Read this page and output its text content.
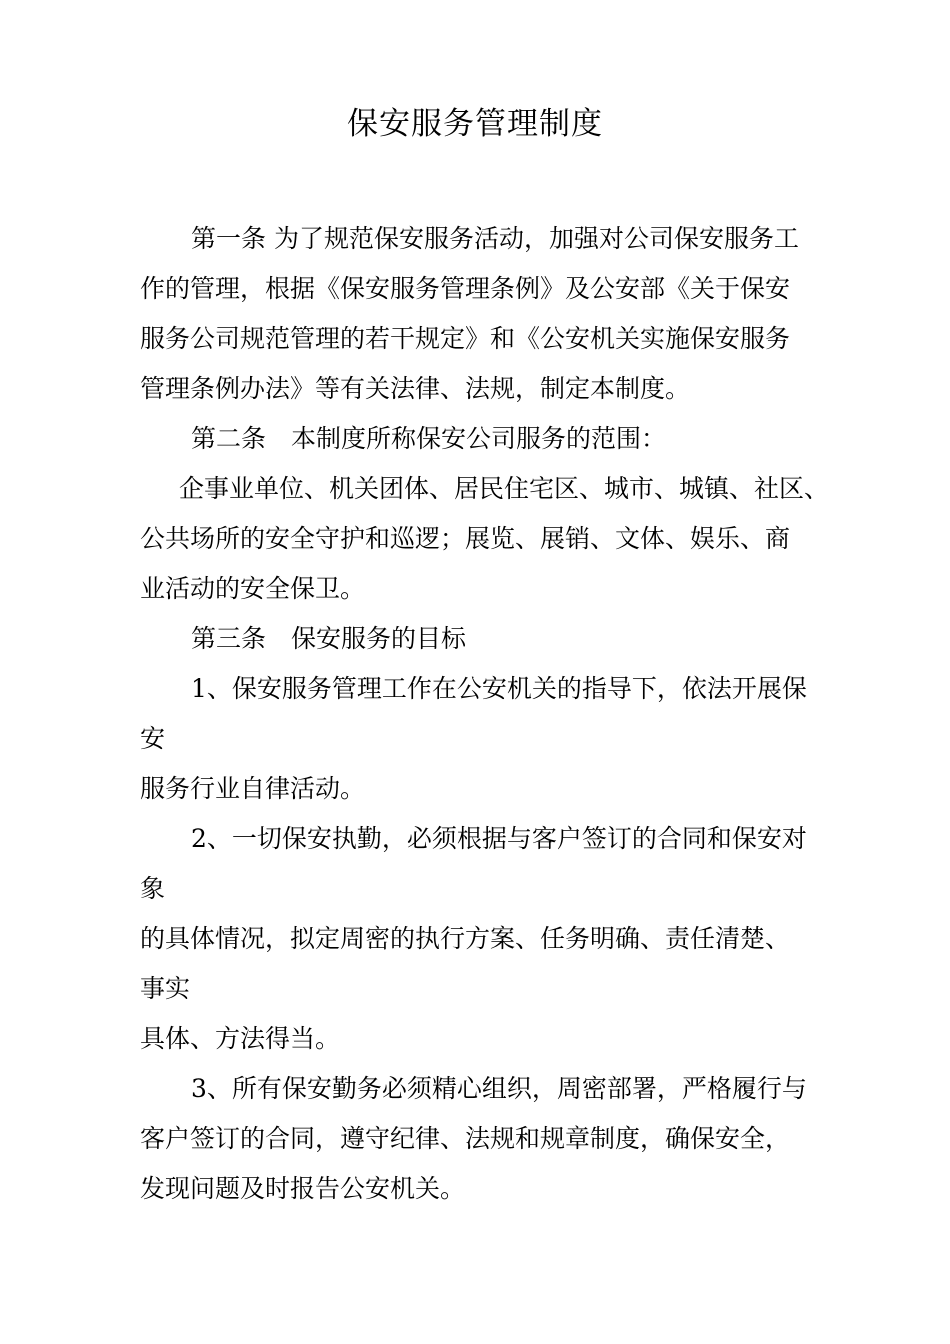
保安服务管理制度

第一条 为了规范保安服务活动，加强对公司保安服务工

作的管理，根据《保安服务管理条例》及公安部《关于保安

服务公司规范管理的若干规定》和《公安机关实施保安服务

管理条例办法》等有关法律、法规，制定本制度。

第二条　本制度所称保安公司服务的范围：

企事业单位、机关团体、居民住宅区、城市、城镇、社区、

公共场所的安全守护和巡逻；展览、展销、文体、娱乐、商

业活动的安全保卫。

第三条　保安服务的目标

1、保安服务管理工作在公安机关的指导下，依法开展保

安

服务行业自律活动。

2、一切保安执勤，必须根据与客户签订的合同和保安对

象

的具体情况，拟定周密的执行方案、任务明确、责任清楚、

事实

具体、方法得当。

3、所有保安勤务必须精心组织，周密部署，严格履行与

客户签订的合同，遵守纪律、法规和规章制度，确保安全，

发现问题及时报告公安机关。
